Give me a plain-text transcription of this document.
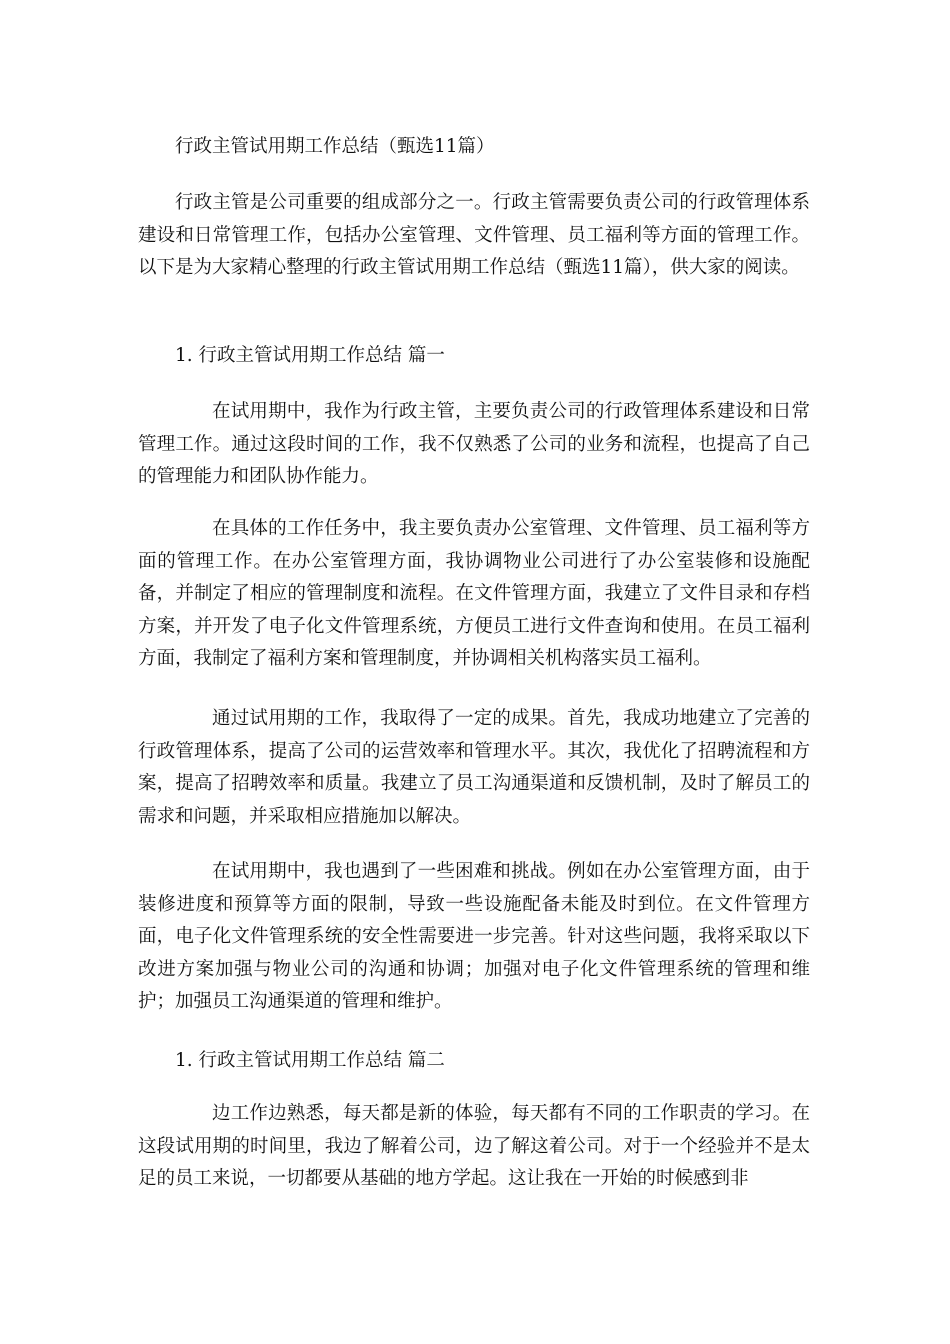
行政主管试用期工作总结（甄选11篇）

行政主管是公司重要的组成部分之一。行政主管需要负责公司的行政管理体系建设和日常管理工作，包括办公室管理、文件管理、员工福利等方面的管理工作。以下是为大家精心整理的行政主管试用期工作总结（甄选11篇），供大家的阅读。

1. 行政主管试用期工作总结 篇一

在试用期中，我作为行政主管，主要负责公司的行政管理体系建设和日常管理工作。通过这段时间的工作，我不仅熟悉了公司的业务和流程，也提高了自己的管理能力和团队协作能力。

在具体的工作任务中，我主要负责办公室管理、文件管理、员工福利等方面的管理工作。在办公室管理方面，我协调物业公司进行了办公室装修和设施配备，并制定了相应的管理制度和流程。在文件管理方面，我建立了文件目录和存档方案，并开发了电子化文件管理系统，方便员工进行文件查询和使用。在员工福利方面，我制定了福利方案和管理制度，并协调相关机构落实员工福利。

通过试用期的工作，我取得了一定的成果。首先，我成功地建立了完善的行政管理体系，提高了公司的运营效率和管理水平。其次，我优化了招聘流程和方案，提高了招聘效率和质量。我建立了员工沟通渠道和反馈机制，及时了解员工的需求和问题，并采取相应措施加以解决。

在试用期中，我也遇到了一些困难和挑战。例如在办公室管理方面，由于装修进度和预算等方面的限制，导致一些设施配备未能及时到位。在文件管理方面，电子化文件管理系统的安全性需要进一步完善。针对这些问题，我将采取以下改进方案加强与物业公司的沟通和协调；加强对电子化文件管理系统的管理和维护；加强员工沟通渠道的管理和维护。

1. 行政主管试用期工作总结 篇二

边工作边熟悉，每天都是新的体验，每天都有不同的工作职责的学习。在这段试用期的时间里，我边了解着公司，边了解这着公司。对于一个经验并不是太足的员工来说，一切都要从基础的地方学起。这让我在一开始的时候感到非
